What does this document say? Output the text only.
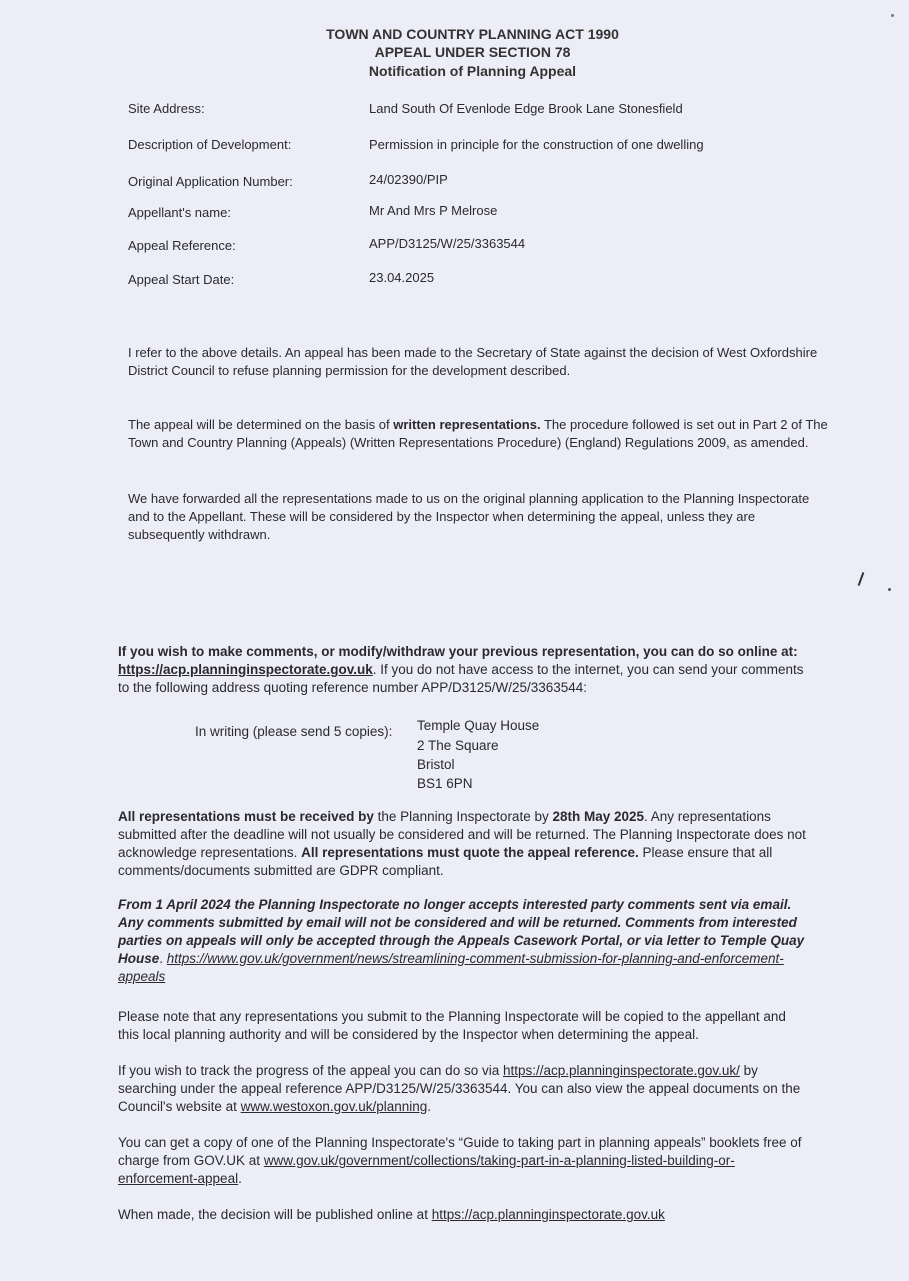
TOWN AND COUNTRY PLANNING ACT 1990
APPEAL UNDER SECTION 78
Notification of Planning Appeal
Site Address:	Land South Of Evenlode Edge Brook Lane Stonesfield
Description of Development:	Permission in principle for the construction of one dwelling
Original Application Number:	24/02390/PIP
Appellant's name:	Mr And Mrs P Melrose
Appeal Reference:	APP/D3125/W/25/3363544
Appeal Start Date:	23.04.2025
I refer to the above details. An appeal has been made to the Secretary of State against the decision of West Oxfordshire District Council to refuse planning permission for the development described.
The appeal will be determined on the basis of written representations. The procedure followed is set out in Part 2 of The Town and Country Planning (Appeals) (Written Representations Procedure) (England) Regulations 2009, as amended.
We have forwarded all the representations made to us on the original planning application to the Planning Inspectorate and to the Appellant. These will be considered by the Inspector when determining the appeal, unless they are subsequently withdrawn.
If you wish to make comments, or modify/withdraw your previous representation, you can do so online at: https://acp.planninginspectorate.gov.uk. If you do not have access to the internet, you can send your comments to the following address quoting reference number APP/D3125/W/25/3363544:
In writing (please send 5 copies): Temple Quay House
2 The Square
Bristol
BS1 6PN
All representations must be received by the Planning Inspectorate by 28th May 2025. Any representations submitted after the deadline will not usually be considered and will be returned. The Planning Inspectorate does not acknowledge representations. All representations must quote the appeal reference. Please ensure that all comments/documents submitted are GDPR compliant.
From 1 April 2024 the Planning Inspectorate no longer accepts interested party comments sent via email. Any comments submitted by email will not be considered and will be returned. Comments from interested parties on appeals will only be accepted through the Appeals Casework Portal, or via letter to Temple Quay House. https://www.gov.uk/government/news/streamlining-comment-submission-for-planning-and-enforcement-appeals
Please note that any representations you submit to the Planning Inspectorate will be copied to the appellant and this local planning authority and will be considered by the Inspector when determining the appeal.
If you wish to track the progress of the appeal you can do so via https://acp.planninginspectorate.gov.uk/ by searching under the appeal reference APP/D3125/W/25/3363544. You can also view the appeal documents on the Council's website at www.westoxon.gov.uk/planning.
You can get a copy of one of the Planning Inspectorate's “Guide to taking part in planning appeals” booklets free of charge from GOV.UK at www.gov.uk/government/collections/taking-part-in-a-planning-listed-building-or-enforcement-appeal.
When made, the decision will be published online at https://acp.planninginspectorate.gov.uk
